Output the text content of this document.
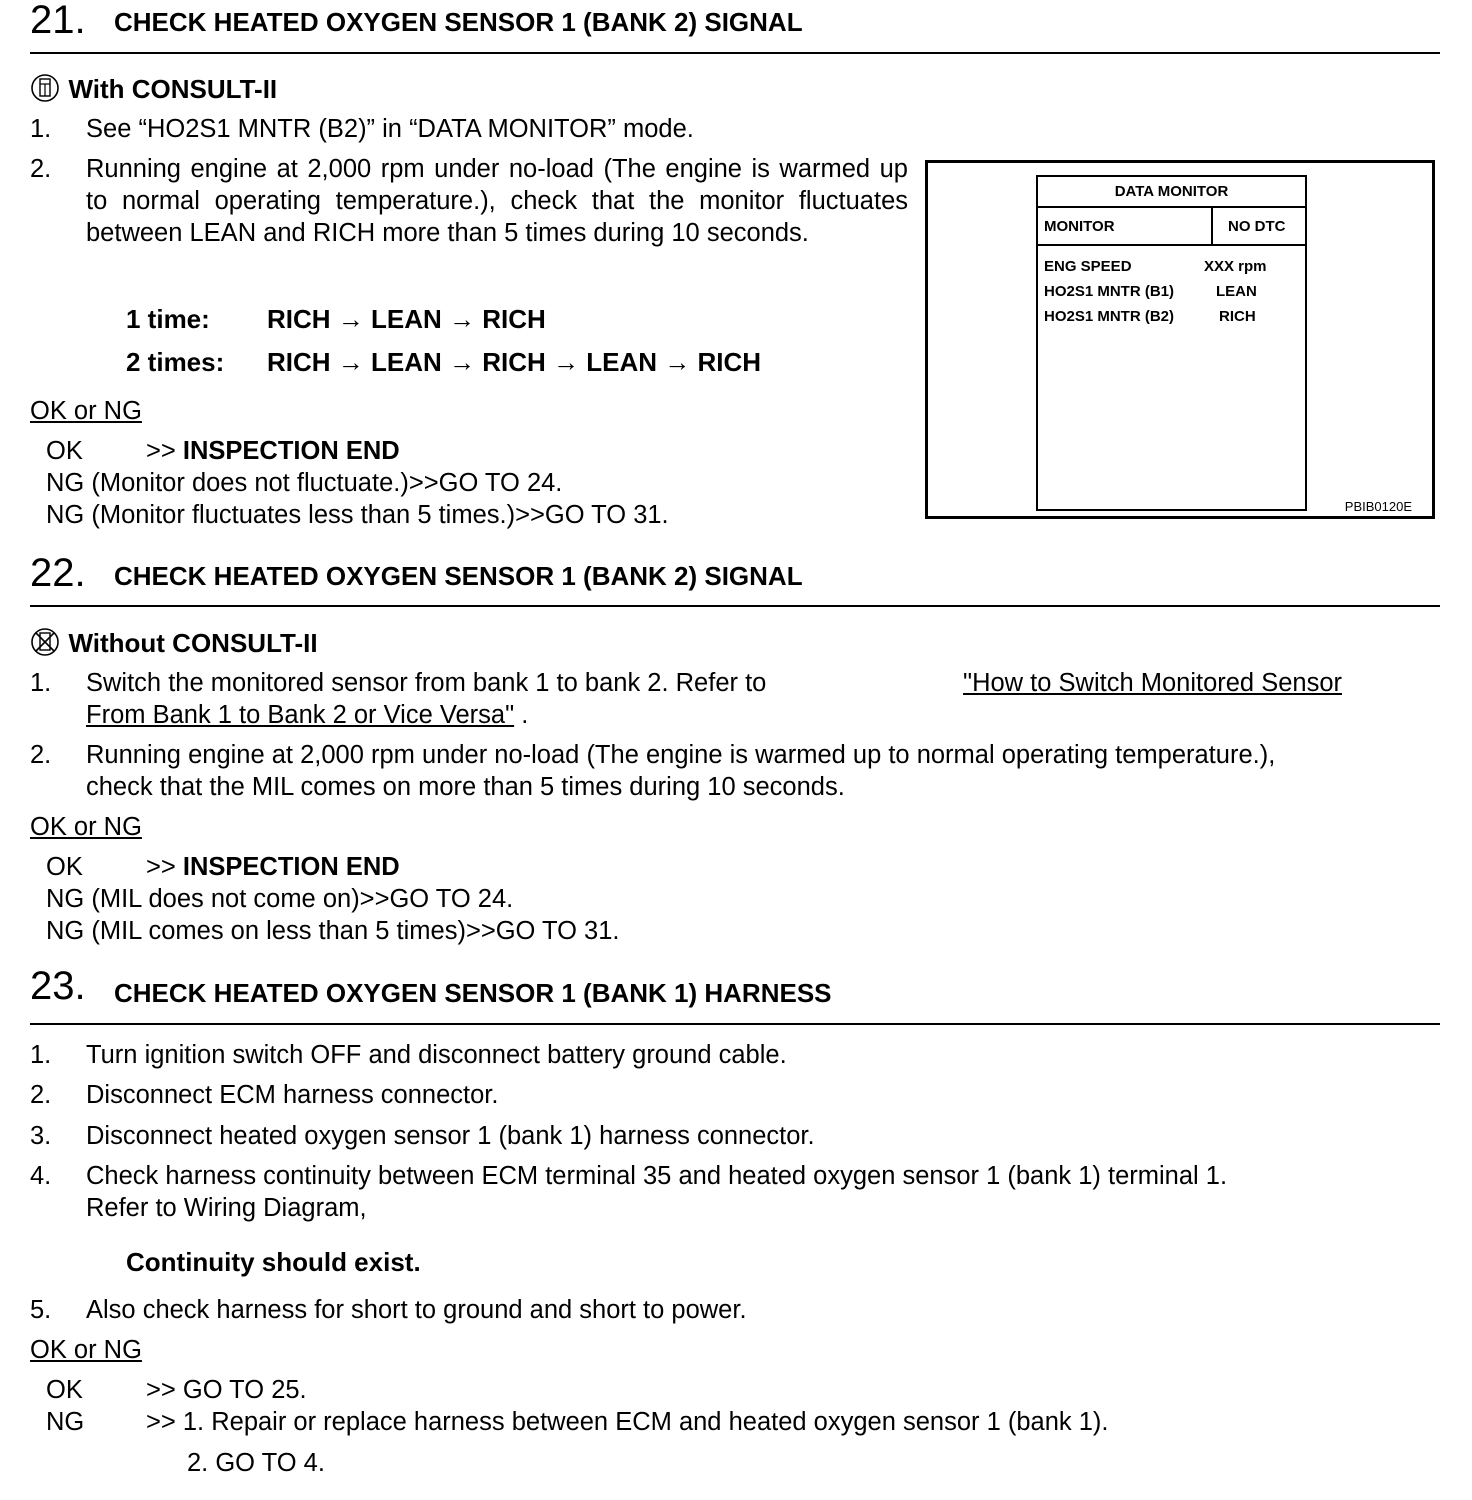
21. CHECK HEATED OXYGEN SENSOR 1 (BANK 2) SIGNAL
With CONSULT-II
1. See “HO2S1 MNTR (B2)” in “DATA MONITOR” mode.
2. Running engine at 2,000 rpm under no-load (The engine is warmed up to normal operating temperature.), check that the monitor fluctuates between LEAN and RICH more than 5 times during 10 seconds.
1 time: RICH → LEAN → RICH
2 times: RICH → LEAN → RICH → LEAN → RICH
OK or NG
OK >> INSPECTION END
NG (Monitor does not fluctuate.)>>GO TO 24.
NG (Monitor fluctuates less than 5 times.)>>GO TO 31.
DATA MONITOR
MONITOR	NO DTC
ENG SPEED	XXX rpm
HO2S1 MNTR (B1)	LEAN
HO2S1 MNTR (B2)	RICH
PBIB0120E
22. CHECK HEATED OXYGEN SENSOR 1 (BANK 2) SIGNAL
Without CONSULT-II
1. Switch the monitored sensor from bank 1 to bank 2. Refer to	"How to Switch Monitored Sensor
From Bank 1 to Bank 2 or Vice Versa" .
2. Running engine at 2,000 rpm under no-load (The engine is warmed up to normal operating temperature.),
check that the MIL comes on more than 5 times during 10 seconds.
OK or NG
OK >> INSPECTION END
NG (MIL does not come on)>>GO TO 24.
NG (MIL comes on less than 5 times)>>GO TO 31.
23. CHECK HEATED OXYGEN SENSOR 1 (BANK 1) HARNESS
1. Turn ignition switch OFF and disconnect battery ground cable.
2. Disconnect ECM harness connector.
3. Disconnect heated oxygen sensor 1 (bank 1) harness connector.
4. Check harness continuity between ECM terminal 35 and heated oxygen sensor 1 (bank 1) terminal 1.
Refer to Wiring Diagram,
Continuity should exist.
5. Also check harness for short to ground and short to power.
OK or NG
OK >> GO TO 25.
NG >> 1. Repair or replace harness between ECM and heated oxygen sensor 1 (bank 1).
2. GO TO 4.
